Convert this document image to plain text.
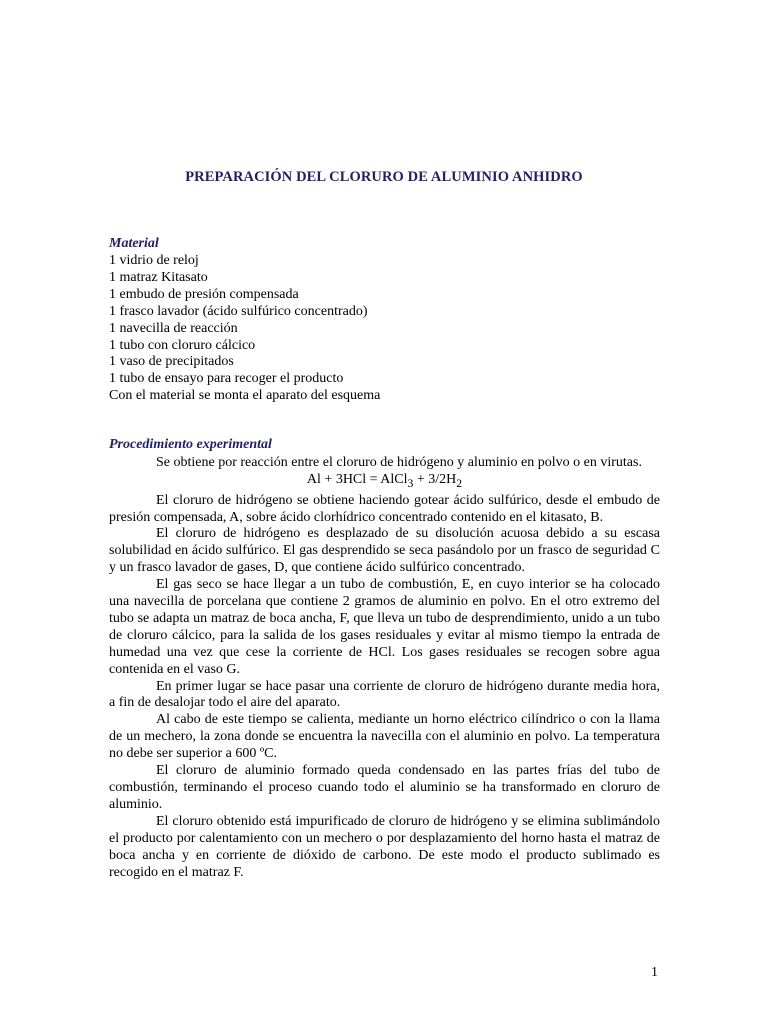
PREPARACIÓN DEL CLORURO DE ALUMINIO ANHIDRO
Material
1 vidrio de reloj
1 matraz Kitasato
1 embudo de presión compensada
1 frasco lavador (ácido sulfúrico concentrado)
1 navecilla de reacción
1 tubo con cloruro cálcico
1 vaso de precipitados
1 tubo de ensayo para recoger el producto
Con el material se monta el aparato del esquema
Procedimiento experimental
Se obtiene por reacción entre el cloruro de hidrógeno y aluminio en polvo o en virutas.
Al + 3HCl = AlCl$_3$ + $3/2H_2$
El cloruro de hidrógeno se obtiene haciendo gotear ácido sulfúrico, desde el embudo de presión compensada, A, sobre ácido clorhídrico concentrado contenido en el kitasato, B.
El cloruro de hidrógeno es desplazado de su disolución acuosa debido a su escasa solubilidad en ácido sulfúrico. El gas desprendido se seca pasándolo por un frasco de seguridad C y un frasco lavador de gases, D, que contiene ácido sulfúrico concentrado.
El gas seco se hace llegar a un tubo de combustión, E, en cuyo interior se ha colocado una navecilla de porcelana que contiene 2 gramos de aluminio en polvo. En el otro extremo del tubo se adapta un matraz de boca ancha, F, que lleva un tubo de desprendimiento, unido a un tubo de cloruro cálcico, para la salida de los gases residuales y evitar al mismo tiempo la entrada de humedad una vez que cese la corriente de HCl. Los gases residuales se recogen sobre agua contenida en el vaso G.
En primer lugar se hace pasar una corriente de cloruro de hidrógeno durante media hora, a fin de desalojar todo el aire del aparato.
Al cabo de este tiempo se calienta, mediante un horno eléctrico cilíndrico o con la llama de un mechero, la zona donde se encuentra la navecilla con el aluminio en polvo. La temperatura no debe ser superior a 600 ºC.
El cloruro de aluminio formado queda condensado en las partes frías del tubo de combustión, terminando el proceso cuando todo el aluminio se ha transformado en cloruro de aluminio.
El cloruro obtenido está impurificado de cloruro de hidrógeno y se elimina sublimándolo el producto por calentamiento con un mechero o por desplazamiento del horno hasta el matraz de boca ancha y en corriente de dióxido de carbono. De este modo el producto sublimado es recogido en el matraz F.
1
